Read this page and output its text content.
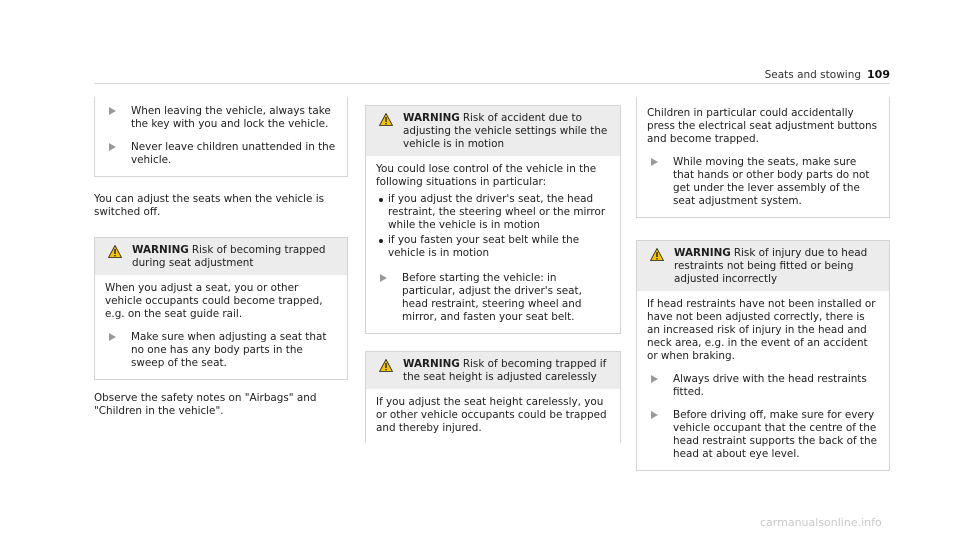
Seats and stowing 109
When leaving the vehicle, always take the key with you and lock the vehicle.
Never leave children unattended in the vehicle.

You can adjust the seats when the vehicle is switched off.

WARNING Risk of becoming trapped during seat adjustment

When you adjust a seat, you or other vehicle occupants could become trapped, e.g. on the seat guide rail.

Make sure when adjusting a seat that no one has any body parts in the sweep of the seat.

Observe the safety notes on "Airbags" and "Children in the vehicle".

WARNING Risk of accident due to adjusting the vehicle settings while the vehicle is in motion

You could lose control of the vehicle in the following situations in particular:

if you adjust the driver's seat, the head restraint, the steering wheel or the mirror while the vehicle is in motion
if you fasten your seat belt while the vehicle is in motion
Before starting the vehicle: in particular, adjust the driver's seat, head restraint, steering wheel and mirror, and fasten your seat belt.
WARNING Risk of becoming trapped if the seat height is adjusted carelessly

If you adjust the seat height carelessly, you or other vehicle occupants could be trapped and thereby injured.

Children in particular could accidentally press the electrical seat adjustment buttons and become trapped.

While moving the seats, make sure that hands or other body parts do not get under the lever assembly of the seat adjustment system.
WARNING Risk of injury due to head restraints not being fitted or being adjusted incorrectly

If head restraints have not been installed or have not been adjusted correctly, there is an increased risk of injury in the head and neck area, e.g. in the event of an accident or when braking.

Always drive with the head restraints fitted.
Before driving off, make sure for every vehicle occupant that the centre of the head restraint supports the back of the head at about eye level.
carmanualsonline.info
